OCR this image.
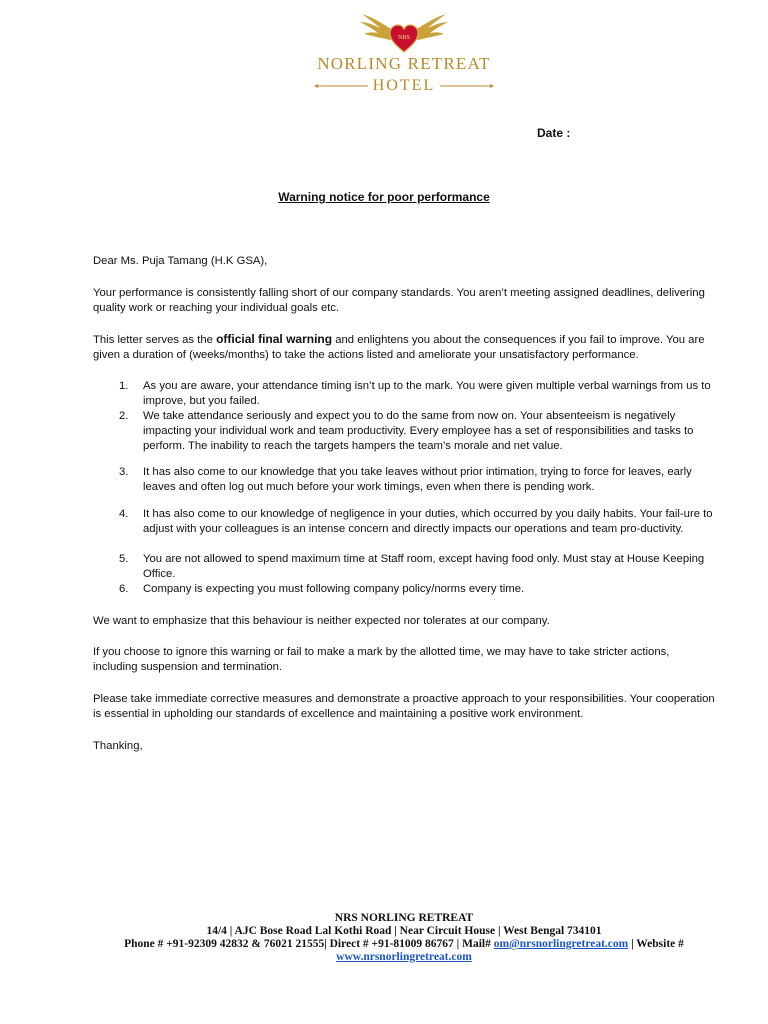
NRS
NORLING RETREAT
HOTEL
Date :
Warning notice for poor performance
Dear Ms. Puja Tamang (H.K GSA),
Your performance is consistently falling short of our company standards. You aren’t meeting assigned deadlines, delivering quality work or reaching your individual goals etc.
This letter serves as the official final warning and enlightens you about the consequences if you fail to improve. You are given a duration of (weeks/months) to take the actions listed and ameliorate your unsatisfactory performance.
1. As you are aware, your attendance timing isn’t up to the mark. You were given multiple verbal warnings from us to improve, but you failed.
2. We take attendance seriously and expect you to do the same from now on. Your absenteeism is negatively impacting your individual work and team productivity. Every employee has a set of responsibilities and tasks to perform. The inability to reach the targets hampers the team’s morale and net value.
3. It has also come to our knowledge that you take leaves without prior intimation, trying to force for leaves, early leaves and often log out much before your work timings, even when there is pending work.
4. It has also come to our knowledge of negligence in your duties, which occurred by you daily habits. Your fail-ure to adjust with your colleagues is an intense concern and directly impacts our operations and team pro-ductivity.
5. You are not allowed to spend maximum time at Staff room, except having food only. Must stay at House Keeping Office.
6. Company is expecting you must following company policy/norms every time.
We want to emphasize that this behaviour is neither expected nor tolerates at our company.
If you choose to ignore this warning or fail to make a mark by the allotted time, we may have to take stricter actions, including suspension and termination.
Please take immediate corrective measures and demonstrate a proactive approach to your responsibilities. Your cooperation is essential in upholding our standards of excellence and maintaining a positive work environment.
Thanking,
NRS NORLING RETREAT
14/4 | AJC Bose Road Lal Kothi Road | Near Circuit House | West Bengal 734101
Phone # +91-92309 42832 & 76021 21555| Direct # +91-81009 86767 | Mail# om@nrsnorlingretreat.com | Website # www.nrsnorlingretreat.com
